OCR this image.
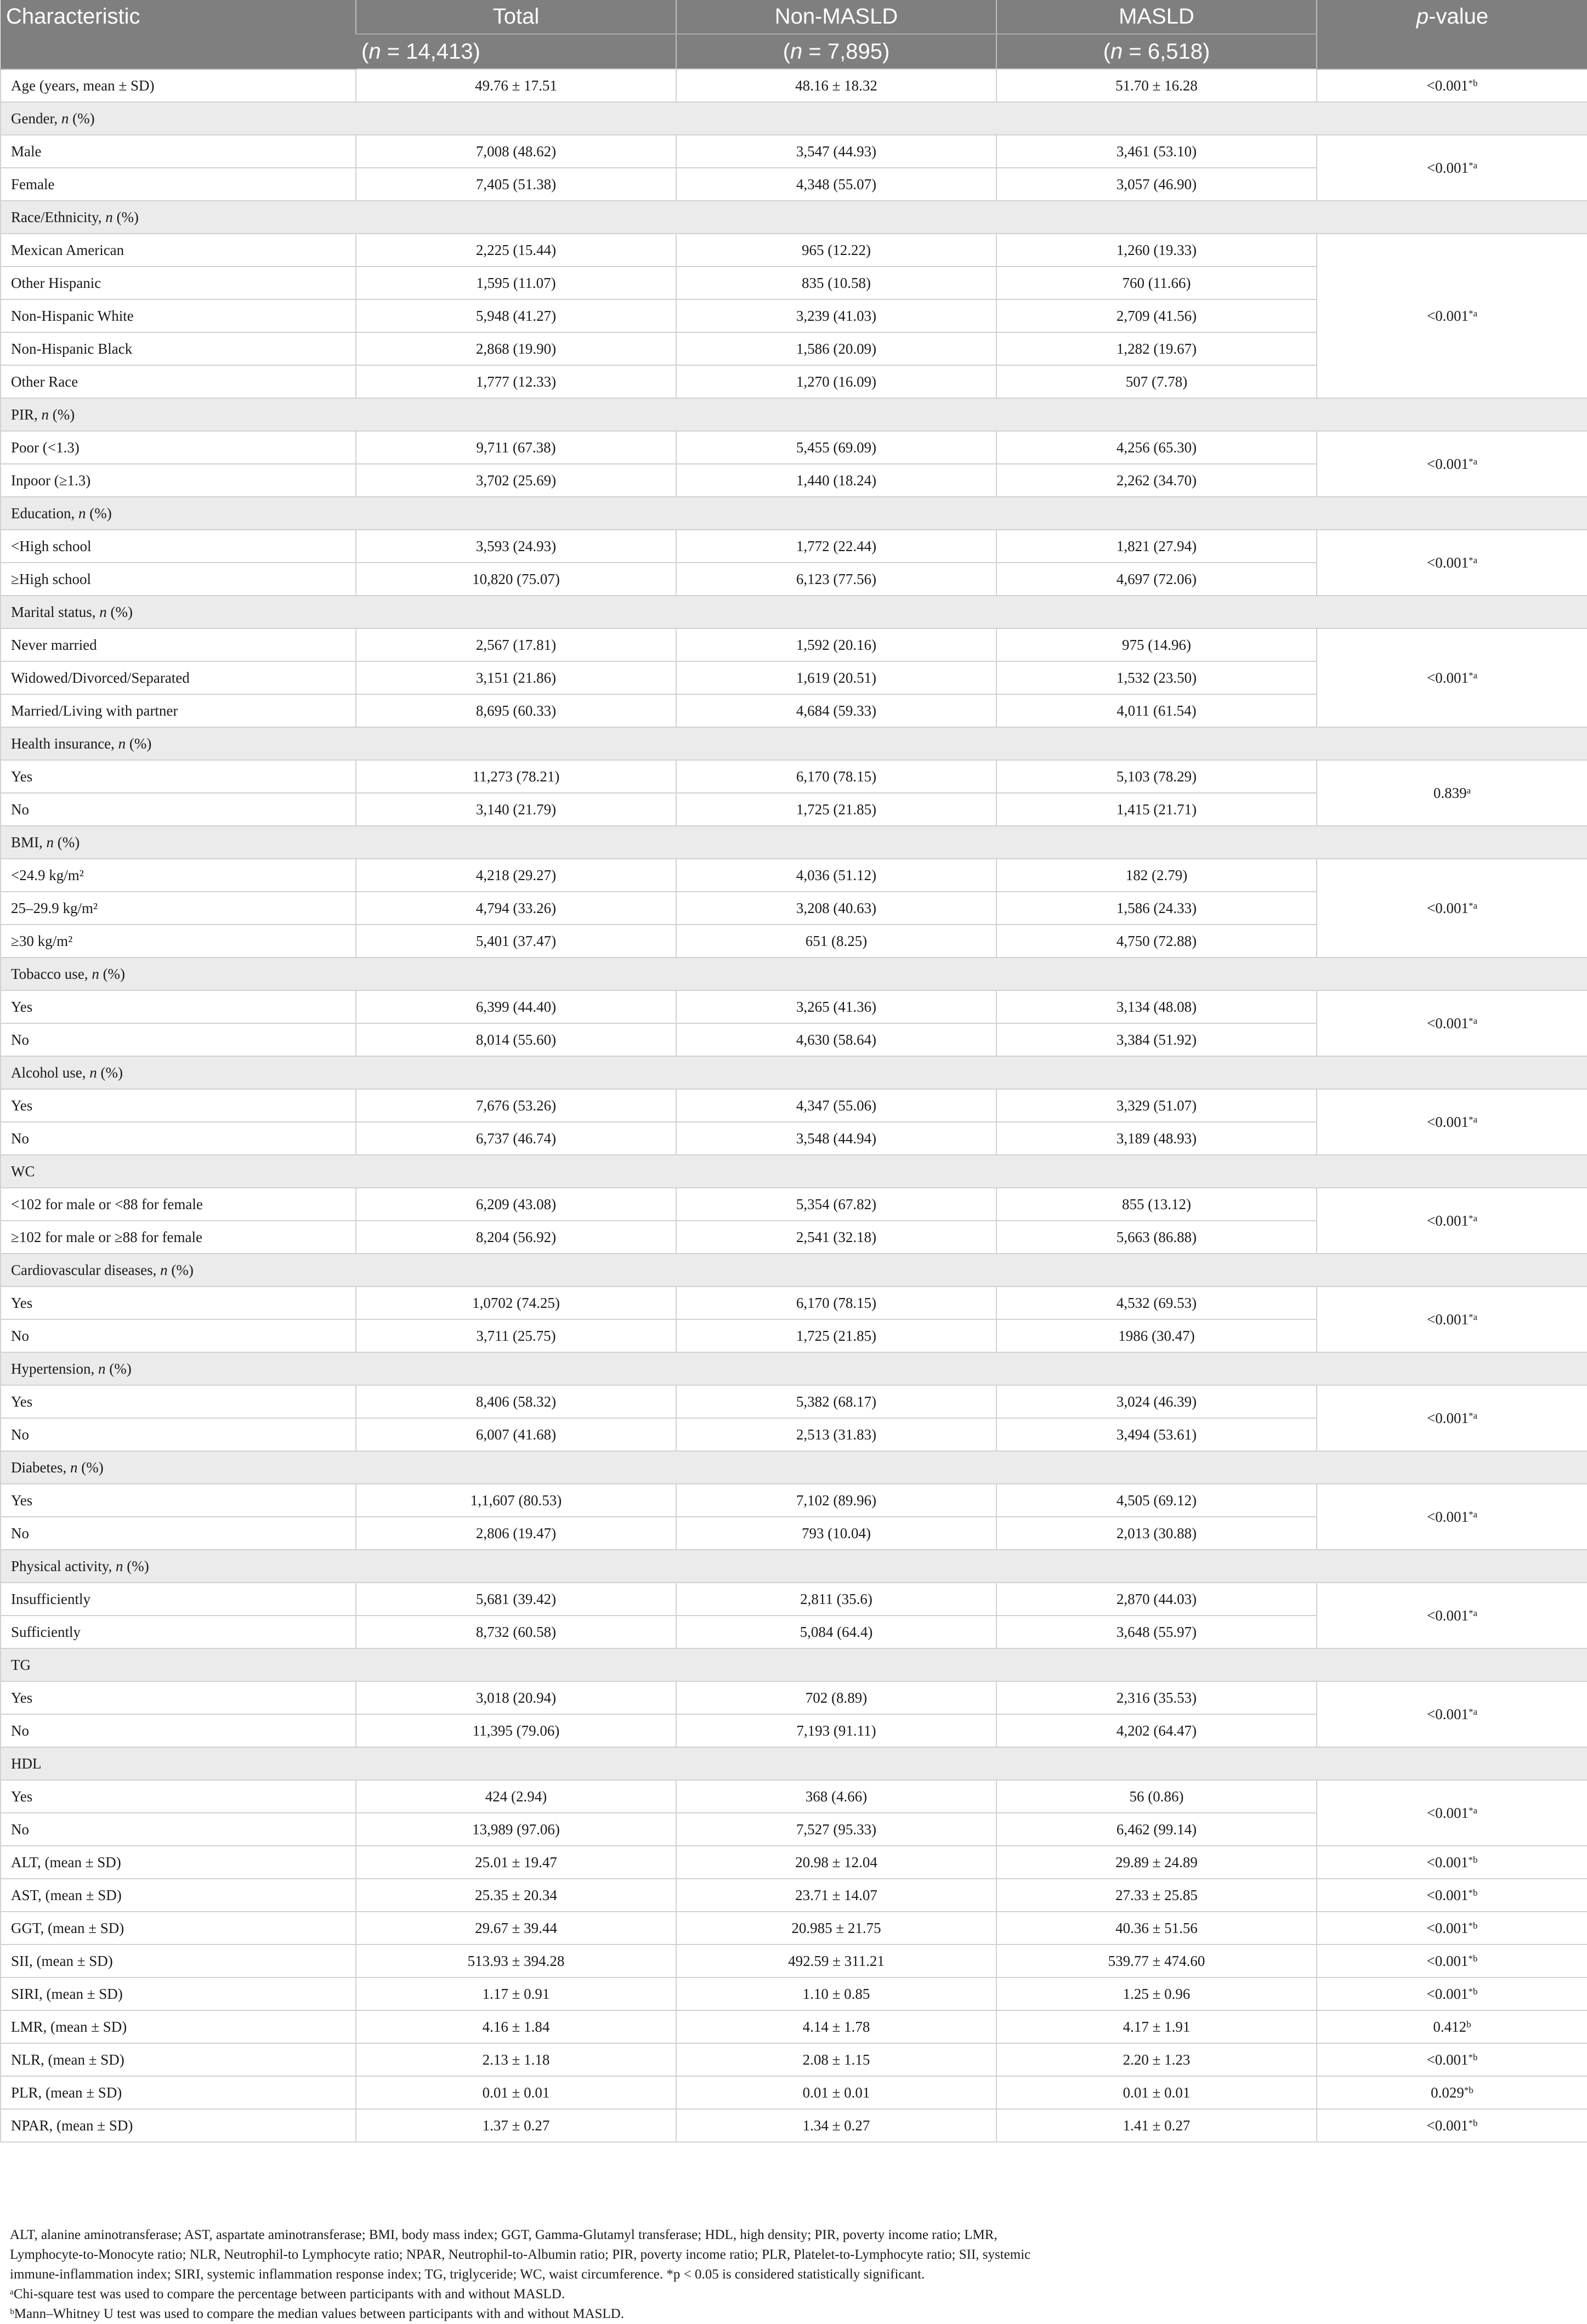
Characteristic	Total	Non-MASLD	MASLD	p-value
	(n = 14,413)	(n = 7,895)	(n = 6,518)	
Age (years, mean ± SD)	49.76 ± 17.51	48.16 ± 18.32	51.70 ± 16.28	$<0.001^{*b}$
Gender, n (%)				
Male	7,008 (48.62)	3,547 (44.93)	3,461 (53.10)	$<0.001^{*a}$
Female	7,405 (51.38)	4,348 (55.07)	3,057 (46.90)	
Race/Ethnicity, n (%)				
Mexican American	2,225 (15.44)	965 (12.22)	1,260 (19.33)	$<0.001^{*a}$
Other Hispanic	1,595 (11.07)	835 (10.58)	760 (11.66)	
Non-Hispanic White	5,948 (41.27)	3,239 (41.03)	2,709 (41.56)	
Non-Hispanic Black	2,868 (19.90)	1,586 (20.09)	1,282 (19.67)	
Other Race	1,777 (12.33)	1,270 (16.09)	507 (7.78)	
PIR, n (%)				
Poor (<1.3)	9,711 (67.38)	5,455 (69.09)	4,256 (65.30)	$<0.001^{*a}$
Inpoor (≥1.3)	3,702 (25.69)	1,440 (18.24)	2,262 (34.70)	
Education, n (%)				
<High school	3,593 (24.93)	1,772 (22.44)	1,821 (27.94)	$<0.001^{*a}$
≥High school	10,820 (75.07)	6,123 (77.56)	4,697 (72.06)	
Marital status, n (%)				
Never married	2,567 (17.81)	1,592 (20.16)	975 (14.96)	$<0.001^{*a}$
Widowed/Divorced/Separated	3,151 (21.86)	1,619 (20.51)	1,532 (23.50)	
Married/Living with partner	8,695 (60.33)	4,684 (59.33)	4,011 (61.54)	
Health insurance, n (%)				
Yes	11,273 (78.21)	6,170 (78.15)	5,103 (78.29)	0.839$^a$
No	3,140 (21.79)	1,725 (21.85)	1,415 (21.71)	
BMI, n (%)				
<24.9 kg/m²	4,218 (29.27)	4,036 (51.12)	182 (2.79)	$<0.001^{*a}$
25–29.9 kg/m²	4,794 (33.26)	3,208 (40.63)	1,586 (24.33)	
≥30 kg/m²	5,401 (37.47)	651 (8.25)	4,750 (72.88)	
Tobacco use, n (%)				
Yes	6,399 (44.40)	3,265 (41.36)	3,134 (48.08)	$<0.001^{*a}$
No	8,014 (55.60)	4,630 (58.64)	3,384 (51.92)	
Alcohol use, n (%)				
Yes	7,676 (53.26)	4,347 (55.06)	3,329 (51.07)	$<0.001^{*a}$
No	6,737 (46.74)	3,548 (44.94)	3,189 (48.93)	
WC				
<102 for male or <88 for female	6,209 (43.08)	5,354 (67.82)	855 (13.12)	$<0.001^{*a}$
≥102 for male or ≥88 for female	8,204 (56.92)	2,541 (32.18)	5,663 (86.88)	
Cardiovascular diseases, n (%)				
Yes	1,0702 (74.25)	6,170 (78.15)	4,532 (69.53)	$<0.001^{*a}$
No	3,711 (25.75)	1,725 (21.85)	1986 (30.47)	
Hypertension, n (%)				
Yes	8,406 (58.32)	5,382 (68.17)	3,024 (46.39)	$<0.001^{*a}$
No	6,007 (41.68)	2,513 (31.83)	3,494 (53.61)	
Diabetes, n (%)				
Yes	1,1,607 (80.53)	7,102 (89.96)	4,505 (69.12)	$<0.001^{*a}$
No	2,806 (19.47)	793 (10.04)	2,013 (30.88)	
Physical activity, n (%)				
Insufficiently	5,681 (39.42)	2,811 (35.6)	2,870 (44.03)	$<0.001^{*a}$
Sufficiently	8,732 (60.58)	5,084 (64.4)	3,648 (55.97)	
TG				
Yes	3,018 (20.94)	702 (8.89)	2,316 (35.53)	$<0.001^{*a}$
No	11,395 (79.06)	7,193 (91.11)	4,202 (64.47)	
HDL				
Yes	424 (2.94)	368 (4.66)	56 (0.86)	$<0.001^{*a}$
No	13,989 (97.06)	7,527 (95.33)	6,462 (99.14)	
ALT, (mean ± SD)	25.01 ± 19.47	20.98 ± 12.04	29.89 ± 24.89	$<0.001^{*b}$
AST, (mean ± SD)	25.35 ± 20.34	23.71 ± 14.07	27.33 ± 25.85	$<0.001^{*b}$
GGT, (mean ± SD)	29.67 ± 39.44	20.985 ± 21.75	40.36 ± 51.56	$<0.001^{*b}$
SII, (mean ± SD)	513.93 ± 394.28	492.59 ± 311.21	539.77 ± 474.60	$<0.001^{*b}$
SIRI, (mean ± SD)	1.17 ± 0.91	1.10 ± 0.85	1.25 ± 0.96	$<0.001^{*b}$
LMR, (mean ± SD)	4.16 ± 1.84	4.14 ± 1.78	4.17 ± 1.91	0.412$^b$
NLR, (mean ± SD)	2.13 ± 1.18	2.08 ± 1.15	2.20 ± 1.23	$<0.001^{*b}$
PLR, (mean ± SD)	0.01 ± 0.01	0.01 ± 0.01	0.01 ± 0.01	0.029$^{*b}$
NPAR, (mean ± SD)	1.37 ± 0.27	1.34 ± 0.27	1.41 ± 0.27	$<0.001^{*b}$

ALT, alanine aminotransferase; AST, aspartate aminotransferase; BMI, body mass index; GGT, Gamma-Glutamyl transferase; HDL, high density; PIR, poverty income ratio; LMR,

Lymphocyte-to-Monocyte ratio; NLR, Neutrophil-to Lymphocyte ratio; NPAR, Neutrophil-to-Albumin ratio; PIR, poverty income ratio; PLR, Platelet-to-Lymphocyte ratio; SII, systemic

immune-inflammation index; SIRI, systemic inflammation response index; TG, triglyceride; WC, waist circumference. *p < 0.05 is considered statistically significant.

ᵃChi-square test was used to compare the percentage between participants with and without MASLD.

ᵇMann–Whitney U test was used to compare the median values between participants with and without MASLD.
